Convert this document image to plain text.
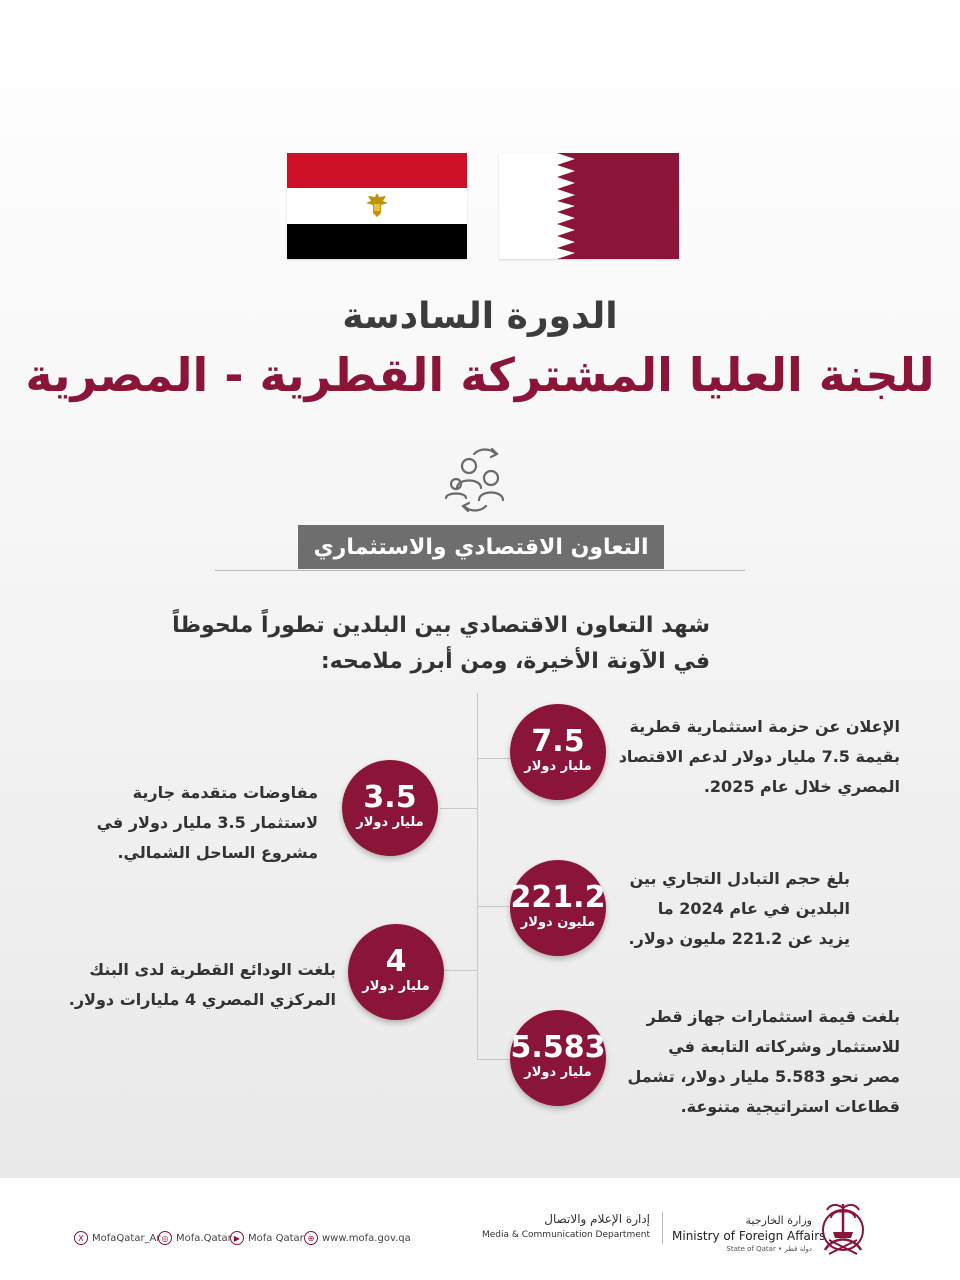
الدورة السادسة
للجنة العليا المشتركة القطرية - المصرية
التعاون الاقتصادي والاستثماري
شهد التعاون الاقتصادي بين البلدين تطوراً ملحوظاً
في الآونة الأخيرة، ومن أبرز ملامحه:
7.5
مليار دولار
الإعلان عن حزمة استثمارية قطرية
بقيمة 7.5 مليار دولار لدعم الاقتصاد
المصري خلال عام 2025.
3.5
مليار دولار
مفاوضات متقدمة جارية
لاستثمار 3.5 مليار دولار في
مشروع الساحل الشمالي.
221.2
مليون دولار
بلغ حجم التبادل التجاري بين
البلدين في عام 2024 ما
يزيد عن 221.2 مليون دولار.
4
مليار دولار
بلغت الودائع القطرية لدى البنك
المركزي المصري 4 مليارات دولار.
5.583
مليار دولار
بلغت قيمة استثمارات جهاز قطر
للاستثمار وشركاته التابعة في
مصر نحو 5.583 مليار دولار، تشمل
قطاعات استراتيجية متنوعة.
X MofaQatar_Ar ◎ Mofa.Qatar ▶ Mofa Qatar ⊕ www.mofa.gov.qa
إدارة الإعلام والاتصال
Media & Communication Department
وزارة الخارجية
Ministry of Foreign Affairs
State of Qatar • دولة قطر
